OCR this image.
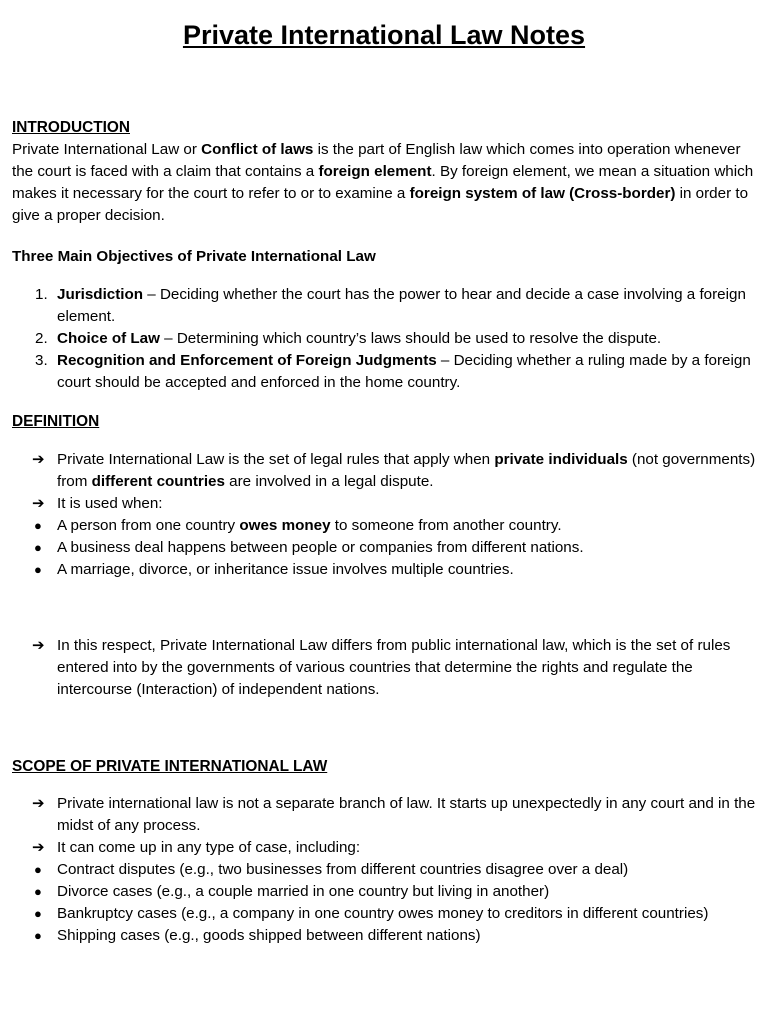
Private International Law Notes
INTRODUCTION
Private International Law or Conflict of laws is the part of English law which comes into operation whenever the court is faced with a claim that contains a foreign element. By foreign element, we mean a situation which makes it necessary for the court to refer to or to examine a foreign system of law (Cross-border) in order to give a proper decision.
Three Main Objectives of Private International Law
1. Jurisdiction – Deciding whether the court has the power to hear and decide a case involving a foreign element.
2. Choice of Law – Determining which country’s laws should be used to resolve the dispute.
3. Recognition and Enforcement of Foreign Judgments – Deciding whether a ruling made by a foreign court should be accepted and enforced in the home country.
DEFINITION
➔ Private International Law is the set of legal rules that apply when private individuals (not governments) from different countries are involved in a legal dispute.
➔ It is used when:
● A person from one country owes money to someone from another country.
● A business deal happens between people or companies from different nations.
● A marriage, divorce, or inheritance issue involves multiple countries.
➔ In this respect, Private International Law differs from public international law, which is the set of rules entered into by the governments of various countries that determine the rights and regulate the intercourse (Interaction) of independent nations.
SCOPE OF PRIVATE INTERNATIONAL LAW
➔ Private international law is not a separate branch of law. It starts up unexpectedly in any court and in the midst of any process.
➔ It can come up in any type of case, including:
● Contract disputes (e.g., two businesses from different countries disagree over a deal)
● Divorce cases (e.g., a couple married in one country but living in another)
● Bankruptcy cases (e.g., a company in one country owes money to creditors in different countries)
● Shipping cases (e.g., goods shipped between different nations)
